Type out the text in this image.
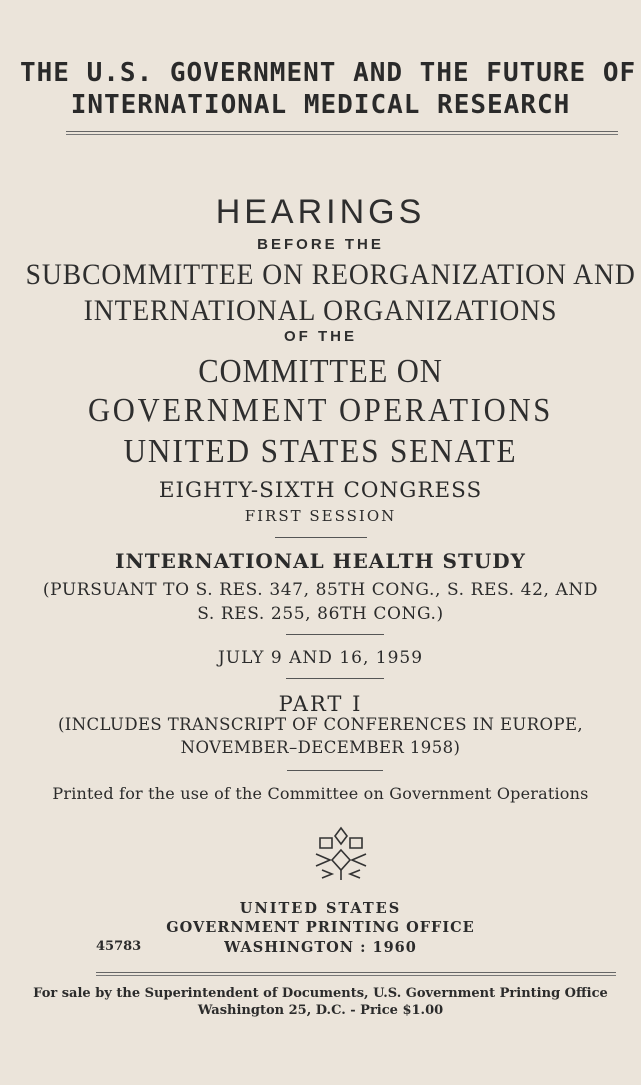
THE U.S. GOVERNMENT AND THE FUTURE OF

INTERNATIONAL MEDICAL RESEARCH

HEARINGS

BEFORE THE

SUBCOMMITTEE ON REORGANIZATION AND

INTERNATIONAL ORGANIZATIONS

OF THE

COMMITTEE ON

GOVERNMENT OPERATIONS

UNITED STATES SENATE

EIGHTY-SIXTH CONGRESS

FIRST SESSION

INTERNATIONAL HEALTH STUDY

(PURSUANT TO S. RES. 347, 85TH CONG., S. RES. 42, AND

S. RES. 255, 86TH CONG.)

JULY 9 AND 16, 1959

PART I

(INCLUDES TRANSCRIPT OF CONFERENCES IN EUROPE,

NOVEMBER–DECEMBER 1958)

Printed for the use of the Committee on Government Operations

UNITED STATES

GOVERNMENT PRINTING OFFICE

WASHINGTON : 1960

45783

For sale by the Superintendent of Documents, U.S. Government Printing Office

Washington 25, D.C. - Price $1.00
